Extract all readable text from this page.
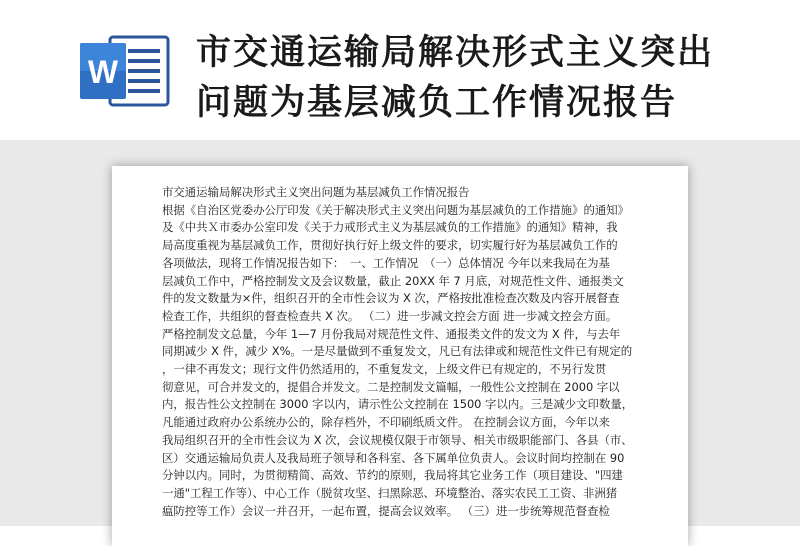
W 市交通运输局解决形式主义突出
问题为基层减负工作情况报告
市交通运输局解决形式主义突出问题为基层减负工作情况报告
根据《自治区党委办公厅印发《关于解决形式主义突出问题为基层减负的工作措施》的通知》
及《中共Ｘ市委办公室印发《关于力戒形式主义为基层减负的工作措施》的通知》精神，我
局高度重视为基层减负工作，贯彻好执行好上级文件的要求，切实履行好为基层减负工作的
各项做法，现将工作情况报告如下：　一、工作情况　（一）总体情况 今年以来我局在为基
层减负工作中，严格控制发文及会议数量，截止 20XX 年 7 月底，对规范性文件、通报类文
件的发文数量为×件，组织召开的全市性会议为 X 次，严格按批准检查次数及内容开展督查
检查工作，共组织的督查检查共 X 次。 （二）进一步减文控会方面 进一步减文控会方面。
严格控制发文总量，今年 1—7 月份我局对规范性文件、通报类文件的发文为 X 件，与去年
同期减少 X 件，减少 X%。一是尽量做到不重复发文，凡已有法律或和规范性文件已有规定的
，一律不再发文；现行文件仍然适用的，不重复发文，上级文件已有规定的，不另行发贯
彻意见，可合并发文的，提倡合并发文。二是控制发文篇幅，一般性公文控制在 2000 字以
内，报告性公文控制在 3000 字以内，请示性公文控制在 1500 字以内。三是减少文印数量，
凡能通过政府办公系统办公的，除存档外，不印刷纸质文件。 在控制会议方面，今年以来
我局组织召开的全市性会议为 X 次，会议规模仅限于市领导、相关市级职能部门、各县（市、
区）交通运输局负责人及我局班子领导和各科室、各下属单位负责人。会议时间均控制在 90
分钟以内。同时，为贯彻精简、高效、节约的原则，我局将其它业务工作（项目建设、"四建
一通"工程工作等）、中心工作（脱贫攻坚、扫黑除恶、环境整治、落实农民工工资、非洲猪
瘟防控等工作）会议一并召开，一起布置，提高会议效率。 （三）进一步统筹规范督查检
